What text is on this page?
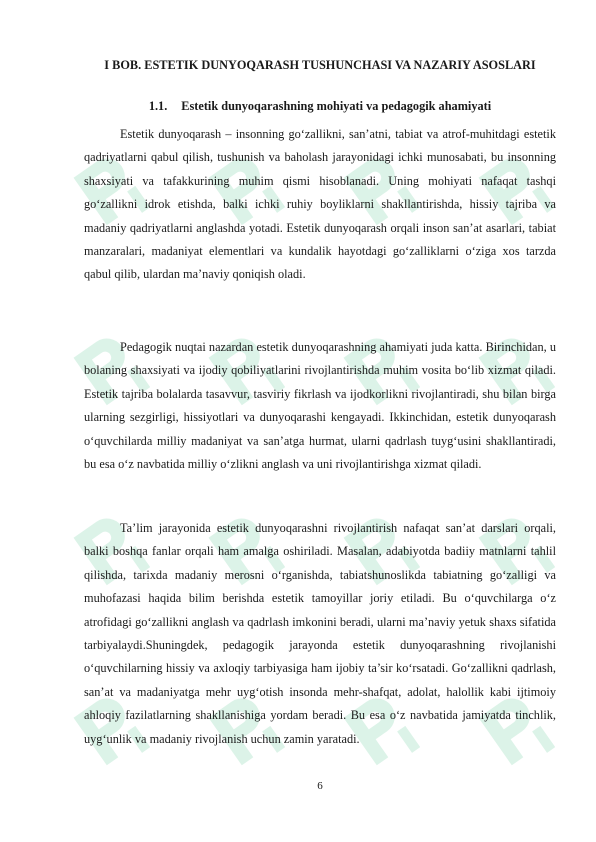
I BOB. ESTETIK DUNYOQARASH TUSHUNCHASI VA NAZARIY ASOSLARI
1.1. Estetik dunyoqarashning mohiyati va pedagogik ahamiyati

Estetik dunyoqarash – insonning go‘zallikni, san’atni, tabiat va atrof-muhitdagi estetik qadriyatlarni qabul qilish, tushunish va baholash jarayonidagi ichki munosabati, bu insonning shaxsiyati va tafakkurining muhim qismi hisoblanadi. Uning mohiyati nafaqat tashqi go‘zallikni idrok etishda, balki ichki ruhiy boyliklarni shakllantirishda, hissiy tajriba va madaniy qadriyatlarni anglashda yotadi. Estetik dunyoqarash orqali inson san’at asarlari, tabiat manzaralari, madaniyat elementlari va kundalik hayotdagi go‘zalliklarni o‘ziga xos tarzda qabul qilib, ulardan ma’naviy qoniqish oladi.

Pedagogik nuqtai nazardan estetik dunyoqarashning ahamiyati juda katta. Birinchidan, u bolaning shaxsiyati va ijodiy qobiliyatlarini rivojlantirishda muhim vosita bo‘lib xizmat qiladi. Estetik tajriba bolalarda tasavvur, tasviriy fikrlash va ijodkorlikni rivojlantiradi, shu bilan birga ularning sezgirligi, hissiyotlari va dunyoqarashi kengayadi. Ikkinchidan, estetik dunyoqarash o‘quvchilarda milliy madaniyat va san’atga hurmat, ularni qadrlash tuyg‘usini shakllantiradi, bu esa o‘z navbatida milliy o‘zlikni anglash va uni rivojlantirishga xizmat qiladi.

Ta’lim jarayonida estetik dunyoqarashni rivojlantirish nafaqat san’at darslari orqali, balki boshqa fanlar orqali ham amalga oshiriladi. Masalan, adabiyotda badiiy matnlarni tahlil qilishda, tarixda madaniy merosni o‘rganishda, tabiatshunoslikda tabiatning go‘zalligi va muhofazasi haqida bilim berishda estetik tamoyillar joriy etiladi. Bu o‘quvchilarga o‘z atrofidagi go‘zallikni anglash va qadrlash imkonini beradi, ularni ma’naviy yetuk shaxs sifatida tarbiyalaydi.Shuningdek, pedagogik jarayonda estetik dunyoqarashning rivojlanishi o‘quvchilarning hissiy va axloqiy tarbiyasiga ham ijobiy ta’sir ko‘rsatadi. Go‘zallikni qadrlash, san’at va madaniyatga mehr uyg‘otish insonda mehr-shafqat, adolat, halollik kabi ijtimoiy ahloqiy fazilatlarning shakllanishiga yordam beradi. Bu esa o‘z navbatida jamiyatda tinchlik, uyg‘unlik va madaniy rivojlanish uchun zamin yaratadi.

6
